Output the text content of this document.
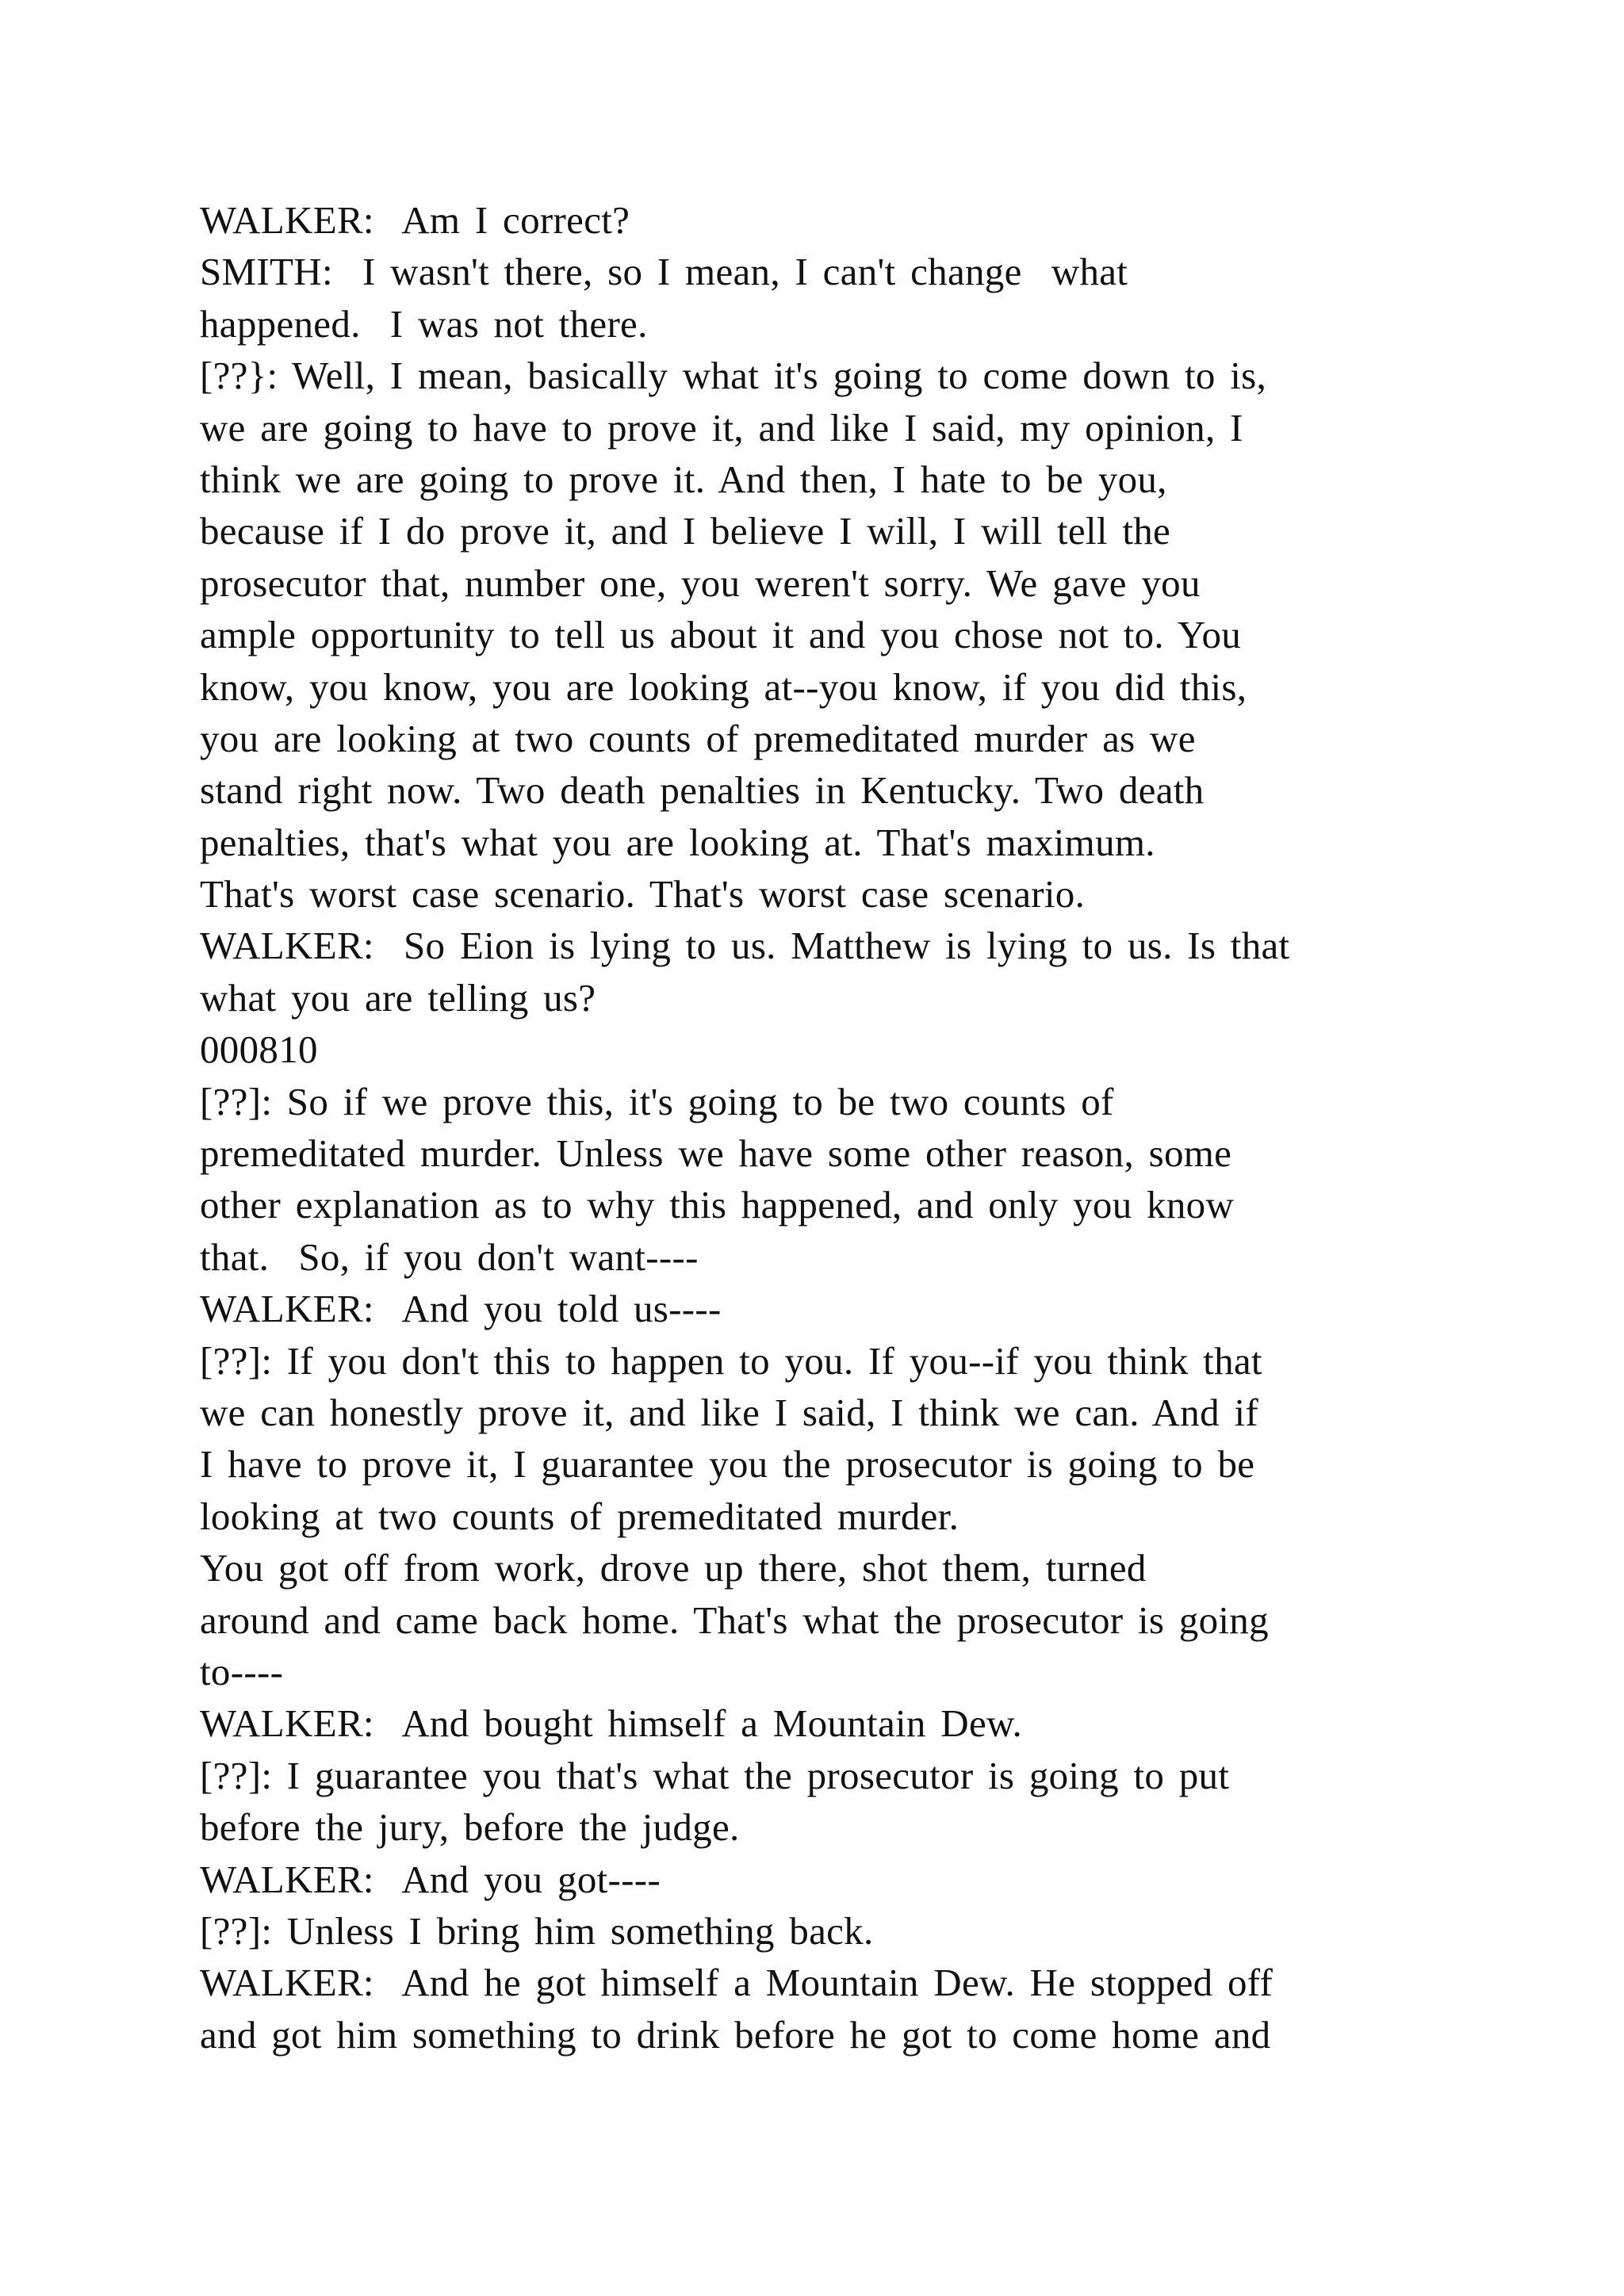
WALKER:  Am I correct?
SMITH:  I wasn't there, so I mean, I can't change  what
happened.  I was not there.
[??}: Well, I mean, basically what it's going to come down to is,
we are going to have to prove it, and like I said, my opinion, I
think we are going to prove it. And then, I hate to be you,
because if I do prove it, and I believe I will, I will tell the
prosecutor that, number one, you weren't sorry. We gave you
ample opportunity to tell us about it and you chose not to. You
know, you know, you are looking at--you know, if you did this,
you are looking at two counts of premeditated murder as we
stand right now. Two death penalties in Kentucky. Two death
penalties, that's what you are looking at. That's maximum.
That's worst case scenario. That's worst case scenario.
WALKER:  So Eion is lying to us. Matthew is lying to us. Is that
what you are telling us?
000810
[??]: So if we prove this, it's going to be two counts of
premeditated murder. Unless we have some other reason, some
other explanation as to why this happened, and only you know
that.  So, if you don't want----
WALKER:  And you told us----
[??]: If you don't this to happen to you. If you--if you think that
we can honestly prove it, and like I said, I think we can. And if
I have to prove it, I guarantee you the prosecutor is going to be
looking at two counts of premeditated murder.
You got off from work, drove up there, shot them, turned
around and came back home. That's what the prosecutor is going
to----
WALKER:  And bought himself a Mountain Dew.
[??]: I guarantee you that's what the prosecutor is going to put
before the jury, before the judge.
WALKER:  And you got----
[??]: Unless I bring him something back.
WALKER:  And he got himself a Mountain Dew. He stopped off
and got him something to drink before he got to come home and
